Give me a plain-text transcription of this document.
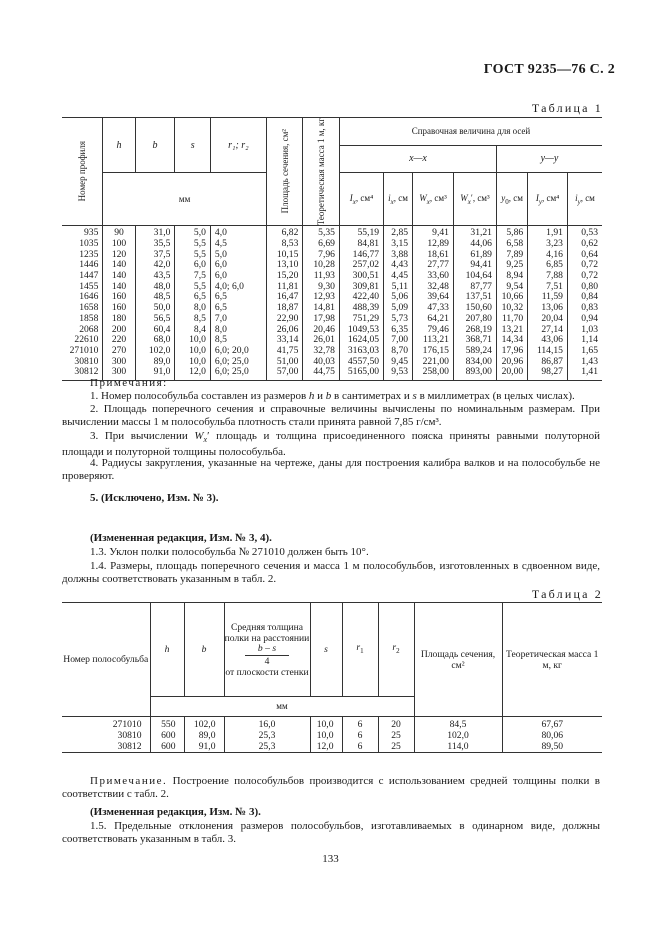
ГОСТ 9235—76 С. 2
Таблица 1
Номер профиля	h	b	s	r₁; r₂	Площадь сечения, см²	Теоретическая масса 1 м, кг	Справочная величина для осей						
							x—x				y—y		
	мм						$I_x$, см⁴	$i_x$, см	$W_x$, см³	$W_x'$, см³	$y_0$, см	$I_y$, см⁴	$i_y$, см
935	90	31,0	5,0	4,0	6,82	5,35	55,19	2,85	9,41	31,21	5,86	1,91	0,53
1035	100	35,5	5,5	4,5	8,53	6,69	84,81	3,15	12,89	44,06	6,58	3,23	0,62
1235	120	37,5	5,5	5,0	10,15	7,96	146,77	3,88	18,61	61,89	7,89	4,16	0,64
1446	140	42,0	6,0	6,0	13,10	10,28	257,02	4,43	27,77	94,41	9,25	6,85	0,72
1447	140	43,5	7,5	6,0	15,20	11,93	300,51	4,45	33,60	104,64	8,94	7,88	0,72
1455	140	48,0	5,5	4,0; 6,0	11,81	9,30	309,81	5,11	32,48	87,77	9,54	7,51	0,80
1646	160	48,5	6,5	6,5	16,47	12,93	422,40	5,06	39,64	137,51	10,66	11,59	0,84
1658	160	50,0	8,0	6,5	18,87	14,81	488,39	5,09	47,33	150,60	10,32	13,06	0,83
1858	180	56,5	8,5	7,0	22,90	17,98	751,29	5,73	64,21	207,80	11,70	20,04	0,94
2068	200	60,4	8,4	8,0	26,06	20,46	1049,53	6,35	79,46	268,19	13,21	27,14	1,03
22610	220	68,0	10,0	8,5	33,14	26,01	1624,05	7,00	113,21	368,71	14,34	43,06	1,14
271010	270	102,0	10,0	6,0; 20,0	41,75	32,78	3163,03	8,70	176,15	589,24	17,96	114,15	1,65
30810	300	89,0	10,0	6,0; 25,0	51,00	40,03	4557,50	9,45	221,00	834,00	20,96	86,87	1,43
30812	300	91,0	12,0	6,0; 25,0	57,00	44,75	5165,00	9,53	258,00	893,00	20,00	98,27	1,41
Примечания:
1. Номер полособульба составлен из размеров h и b в сантиметрах и s в миллиметрах (в целых числах).
2. Площадь поперечного сечения и справочные величины вычислены по номинальным размерам. При вычислении массы 1 м полособульба плотность стали принята равной 7,85 г/см³.
3. При вычислении $W_x'$ площадь и толщина присоединенного пояска приняты равными полуторной площади и полуторной толщины полособульба.
4. Радиусы закругления, указанные на чертеже, даны для построения калибра валков и на полособульбе не проверяют.
5. (Исключено, Изм. № 3).
(Измененная редакция, Изм. № 3, 4).
1.3. Уклон полки полособульба № 271010 должен быть 10°.
1.4. Размеры, площадь поперечного сечения и масса 1 м полособульбов, изготовленных в сдвоенном виде, должны соответствовать указанным в табл. 2.
Таблица 2
Номер полособульба	h	b	Средняя толщина полки на расстоянии

$\frac{b - s}{4}$

от плоскости стенки	s	$r_1$	$r_2$	Площадь сечения, см²	Теоретическая масса 1 м, кг
	мм							
271010	550	102,0	16,0	10,0	6	20	84,5	67,67
30810	600	89,0	25,3	10,0	6	25	102,0	80,06
30812	600	91,0	25,3	12,0	6	25	114,0	89,50
Примечание. Построение полособульбов производится с использованием средней толщины полки в соответствии с табл. 2.
(Измененная редакция, Изм. № 3).
1.5. Предельные отклонения размеров полособульбов, изготавливаемых в одинарном виде, должны соответствовать указанным в табл. 3.
133
